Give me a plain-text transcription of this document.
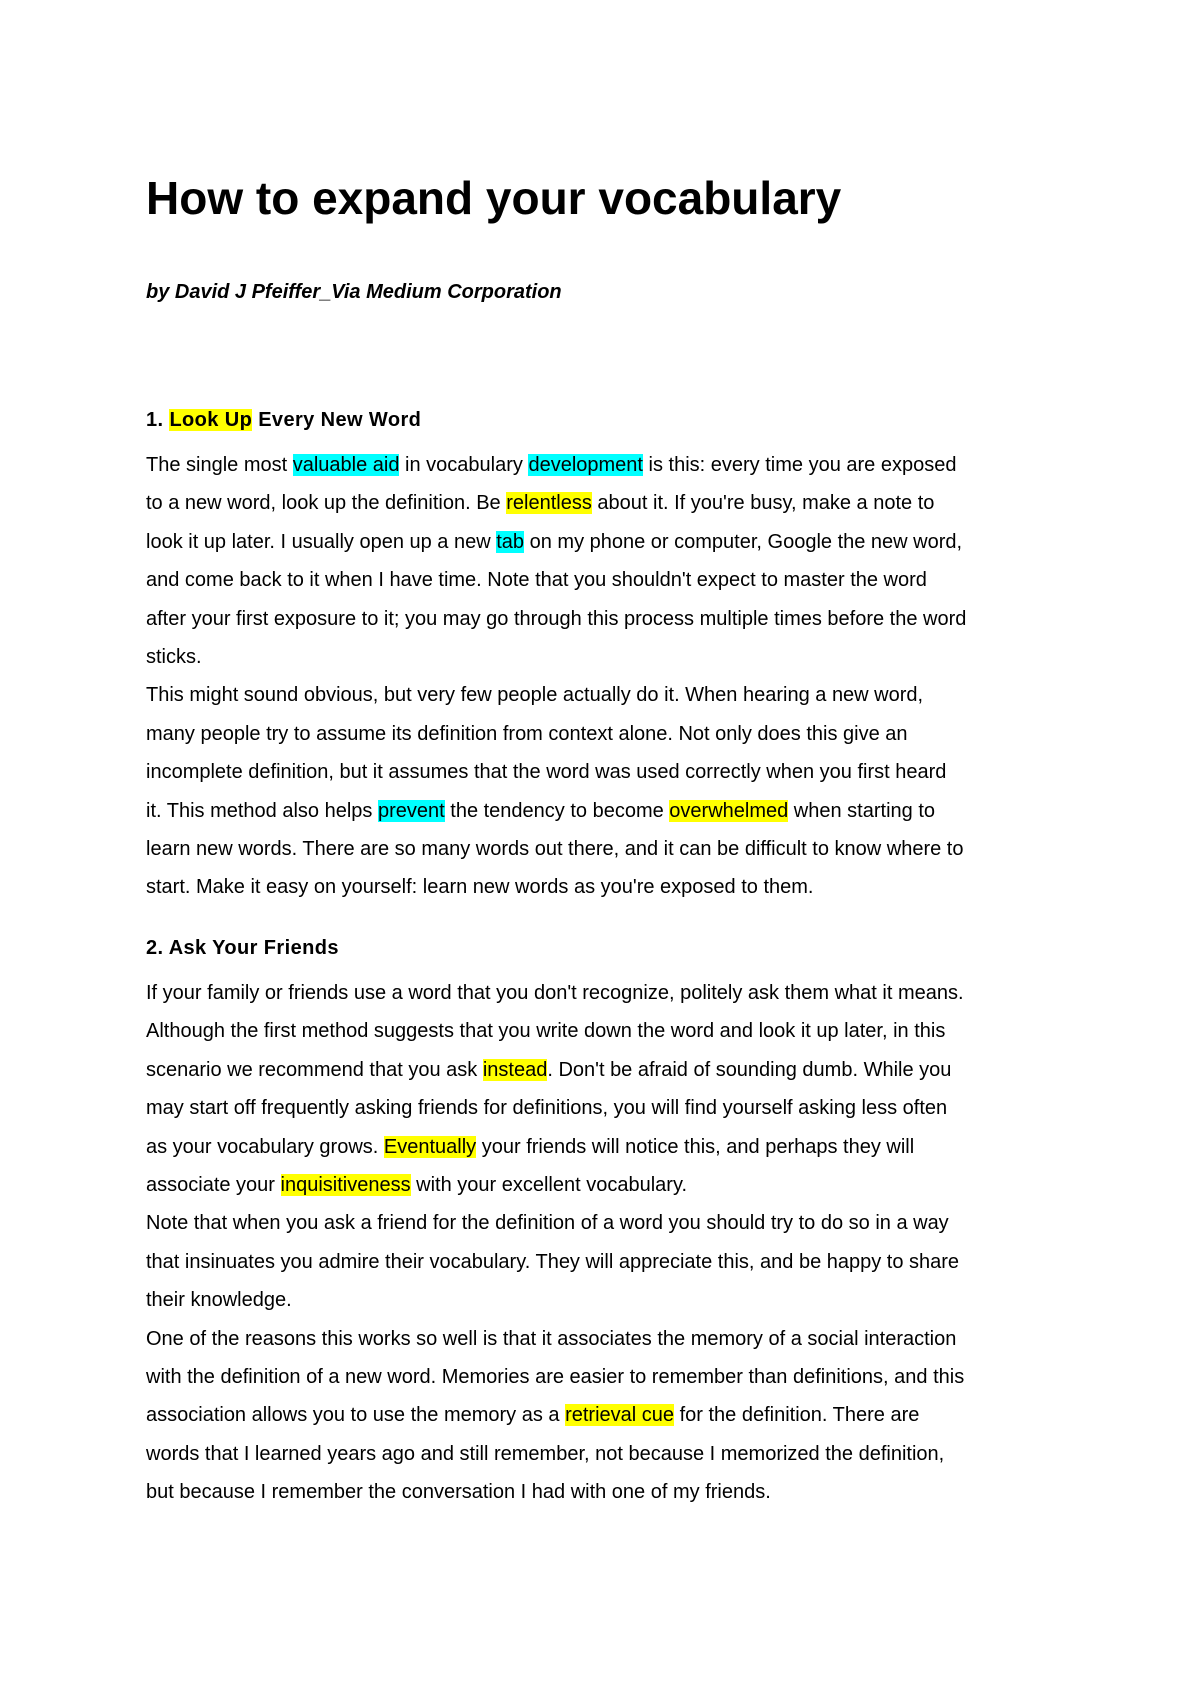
How to expand your vocabulary

by David J Pfeiffer_Via Medium Corporation

1. Look Up Every New Word

The single most valuable aid in vocabulary development is this: every time you are exposed
to a new word, look up the definition. Be relentless about it. If you're busy, make a note to
look it up later. I usually open up a new tab on my phone or computer, Google the new word,
and come back to it when I have time. Note that you shouldn't expect to master the word
after your first exposure to it; you may go through this process multiple times before the word
sticks.

This might sound obvious, but very few people actually do it. When hearing a new word,
many people try to assume its definition from context alone. Not only does this give an
incomplete definition, but it assumes that the word was used correctly when you first heard
it. This method also helps prevent the tendency to become overwhelmed when starting to
learn new words. There are so many words out there, and it can be difficult to know where to
start. Make it easy on yourself: learn new words as you're exposed to them.

2. Ask Your Friends

If your family or friends use a word that you don't recognize, politely ask them what it means.
Although the first method suggests that you write down the word and look it up later, in this
scenario we recommend that you ask instead. Don't be afraid of sounding dumb. While you
may start off frequently asking friends for definitions, you will find yourself asking less often
as your vocabulary grows. Eventually your friends will notice this, and perhaps they will
associate your inquisitiveness with your excellent vocabulary.

Note that when you ask a friend for the definition of a word you should try to do so in a way
that insinuates you admire their vocabulary. They will appreciate this, and be happy to share
their knowledge.

One of the reasons this works so well is that it associates the memory of a social interaction
with the definition of a new word. Memories are easier to remember than definitions, and this
association allows you to use the memory as a retrieval cue for the definition. There are
words that I learned years ago and still remember, not because I memorized the definition,
but because I remember the conversation I had with one of my friends.
